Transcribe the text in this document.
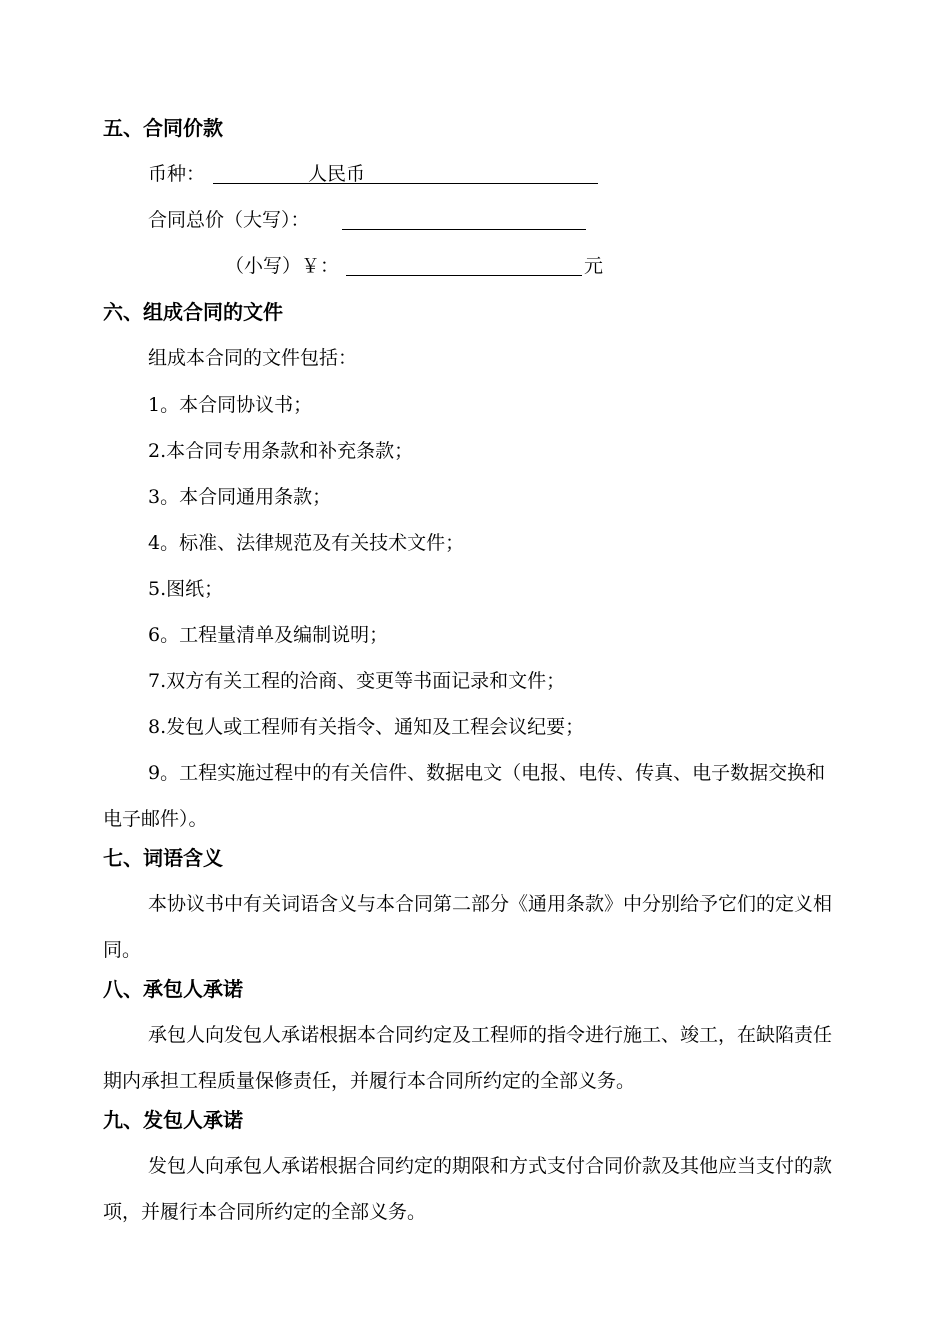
五、合同价款
币种：	人民币
合同总价（大写）：
（小写）￥：	元
六、组成合同的文件
组成本合同的文件包括：
1。本合同协议书；
2.本合同专用条款和补充条款；
3。本合同通用条款；
4。标准、法律规范及有关技术文件；
5.图纸；
6。工程量清单及编制说明；
7.双方有关工程的洽商、变更等书面记录和文件；
8.发包人或工程师有关指令、通知及工程会议纪要；
9。工程实施过程中的有关信件、数据电文（电报、电传、传真、电子数据交换和电子邮件）。
七、词语含义
本协议书中有关词语含义与本合同第二部分《通用条款》中分别给予它们的定义相同。
八、承包人承诺
承包人向发包人承诺根据本合同约定及工程师的指令进行施工、竣工，在缺陷责任期内承担工程质量保修责任，并履行本合同所约定的全部义务。
九、发包人承诺
发包人向承包人承诺根据合同约定的期限和方式支付合同价款及其他应当支付的款项，并履行本合同所约定的全部义务。
